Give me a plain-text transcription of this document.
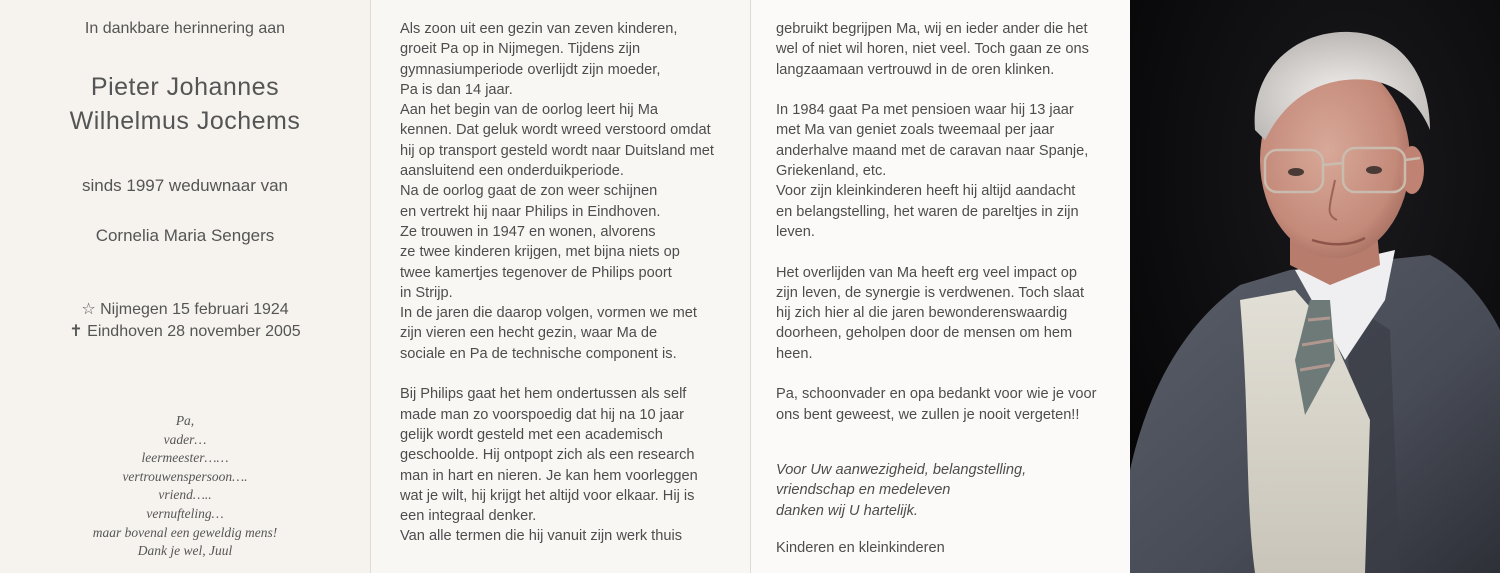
In dankbare herinnering aan
Pieter Johannes
Wilhelmus Jochems
sinds 1997 weduwnaar van
Cornelia Maria Sengers
☆ Nijmegen 15 februari 1924
✝ Eindhoven 28 november 2005
Pa,
vader…
leermeester……
vertrouwenspersoon….
vriend…..
vernufteling…
maar bovenal een geweldig mens!
Dank je wel, Juul
Als zoon uit een gezin van zeven kinderen,
groeit Pa op in Nijmegen. Tijdens zijn
gymnasiumperiode overlijdt zijn moeder,
Pa is dan 14 jaar.
Aan het begin van de oorlog leert hij Ma
kennen. Dat geluk wordt wreed verstoord omdat
hij op transport gesteld wordt naar Duitsland met
aansluitend een onderduikperiode.
Na de oorlog gaat de zon weer schijnen
en vertrekt hij naar Philips in Eindhoven.
Ze trouwen in 1947 en wonen, alvorens
ze twee kinderen krijgen, met bijna niets op
twee kamertjes tegenover de Philips poort
in Strijp.
In de jaren die daarop volgen, vormen we met
zijn vieren een hecht gezin, waar Ma de
sociale en Pa de technische component is.
Bij Philips gaat het hem ondertussen als self
made man zo voorspoedig dat hij na 10 jaar
gelijk wordt gesteld met een academisch
geschoolde. Hij ontpopt zich als een research
man in hart en nieren. Je kan hem voorleggen
wat je wilt, hij krijgt het altijd voor elkaar. Hij is
een integraal denker.
Van alle termen die hij vanuit zijn werk thuis
gebruikt begrijpen Ma, wij en ieder ander die het
wel of niet wil horen, niet veel. Toch gaan ze ons
langzaamaan vertrouwd in de oren klinken.
In 1984 gaat Pa met pensioen waar hij 13 jaar
met Ma van geniet zoals tweemaal per jaar
anderhalve maand met de caravan naar Spanje,
Griekenland, etc.
Voor zijn kleinkinderen heeft hij altijd aandacht
en belangstelling, het waren de pareltjes in zijn
leven.
Het overlijden van Ma heeft erg veel impact op
zijn leven, de synergie is verdwenen. Toch slaat
hij zich hier al die jaren bewonderenswaardig
doorheen, geholpen door de mensen om hem
heen.
Pa, schoonvader en opa bedankt voor wie je voor
ons bent geweest, we zullen je nooit vergeten!!
Voor Uw aanwezigheid, belangstelling,
vriendschap en medeleven
danken wij U hartelijk.
Kinderen en kleinkinderen
